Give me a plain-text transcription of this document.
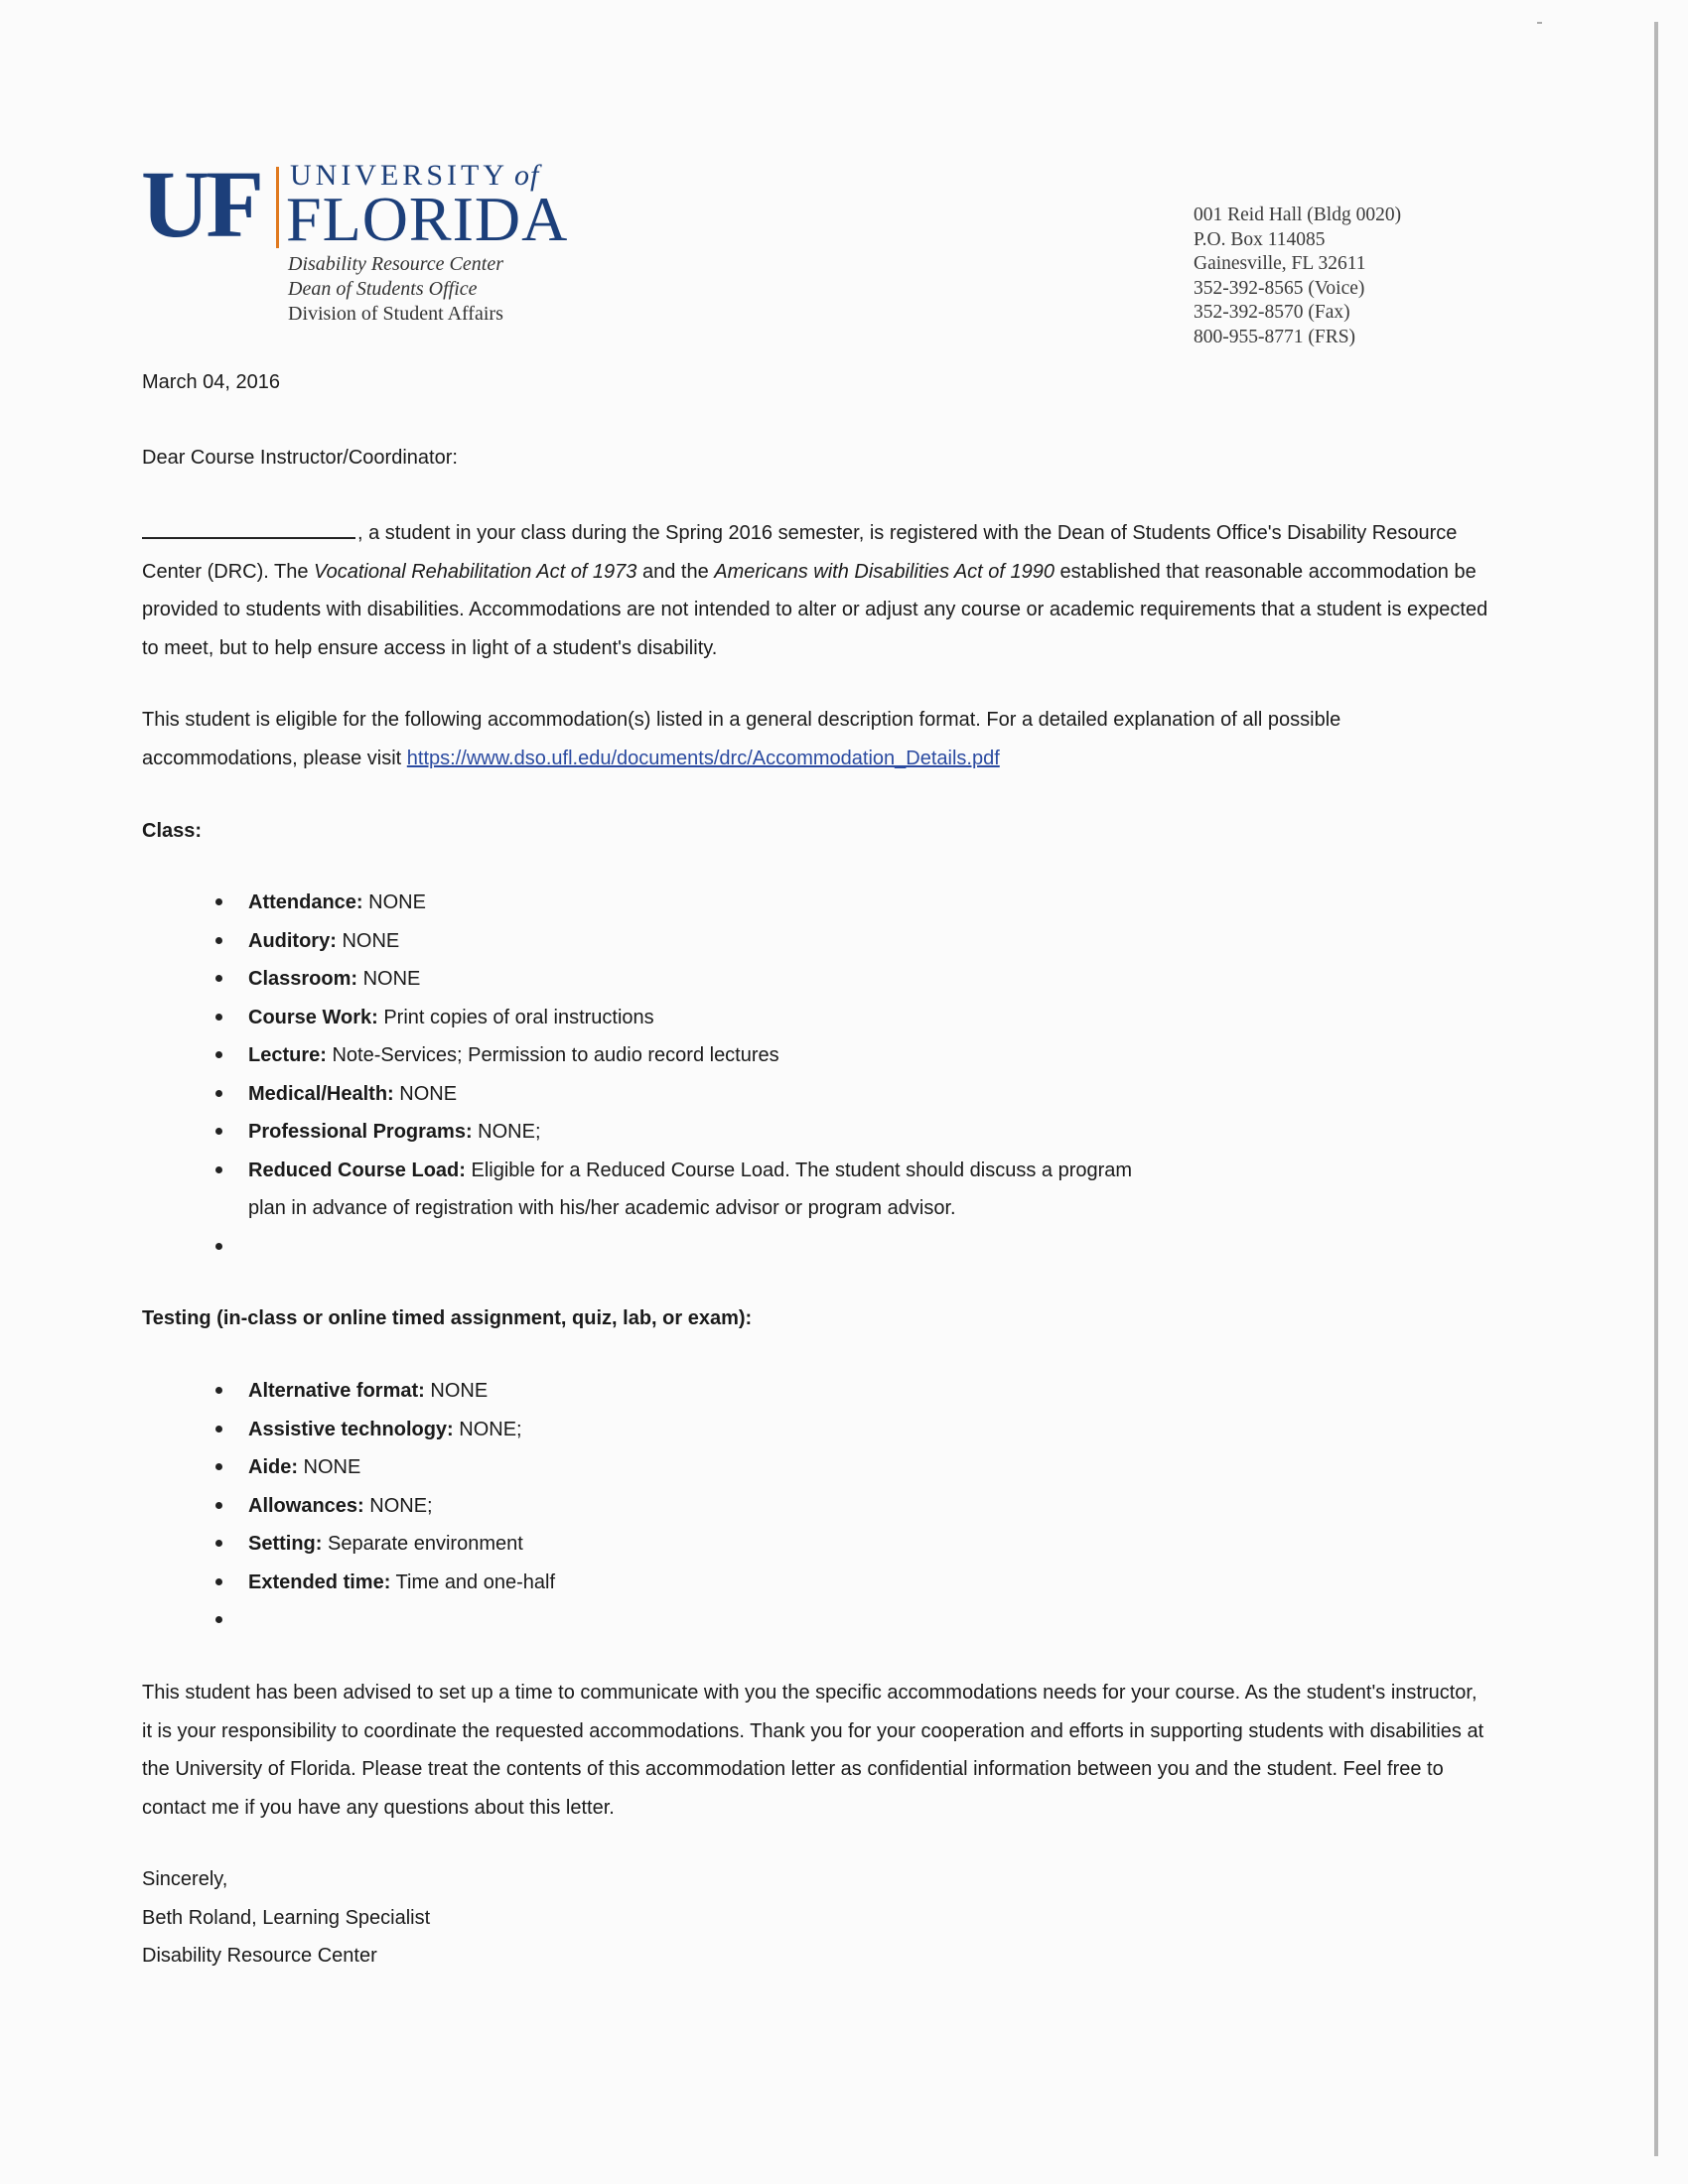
UF UNIVERSITY of
FLORIDA
Disability Resource Center
Dean of Students Office
Division of Student Affairs
001 Reid Hall (Bldg 0020)
P.O. Box 114085
Gainesville, FL 32611
352-392-8565 (Voice)
352-392-8570 (Fax)
800-955-8771 (FRS)
March 04, 2016
Dear Course Instructor/Coordinator:
, a student in your class during the Spring 2016 semester, is registered with the Dean of Students Office's Disability Resource Center (DRC). The Vocational Rehabilitation Act of 1973 and the Americans with Disabilities Act of 1990 established that reasonable accommodation be provided to students with disabilities. Accommodations are not intended to alter or adjust any course or academic requirements that a student is expected to meet, but to help ensure access in light of a student's disability.
This student is eligible for the following accommodation(s) listed in a general description format. For a detailed explanation of all possible accommodations, please visit https://www.dso.ufl.edu/documents/drc/Accommodation_Details.pdf
Class:
Attendance: NONE
Auditory: NONE
Classroom: NONE
Course Work: Print copies of oral instructions
Lecture: Note-Services; Permission to audio record lectures
Medical/Health: NONE
Professional Programs: NONE;
Reduced Course Load: Eligible for a Reduced Course Load. The student should discuss a program plan in advance of registration with his/her academic advisor or program advisor.
Testing (in-class or online timed assignment, quiz, lab, or exam):
Alternative format: NONE
Assistive technology: NONE;
Aide: NONE
Allowances: NONE;
Setting: Separate environment
Extended time: Time and one-half
This student has been advised to set up a time to communicate with you the specific accommodations needs for your course. As the student's instructor, it is your responsibility to coordinate the requested accommodations. Thank you for your cooperation and efforts in supporting students with disabilities at the University of Florida. Please treat the contents of this accommodation letter as confidential information between you and the student. Feel free to contact me if you have any questions about this letter.
Sincerely,
Beth Roland, Learning Specialist
Disability Resource Center
